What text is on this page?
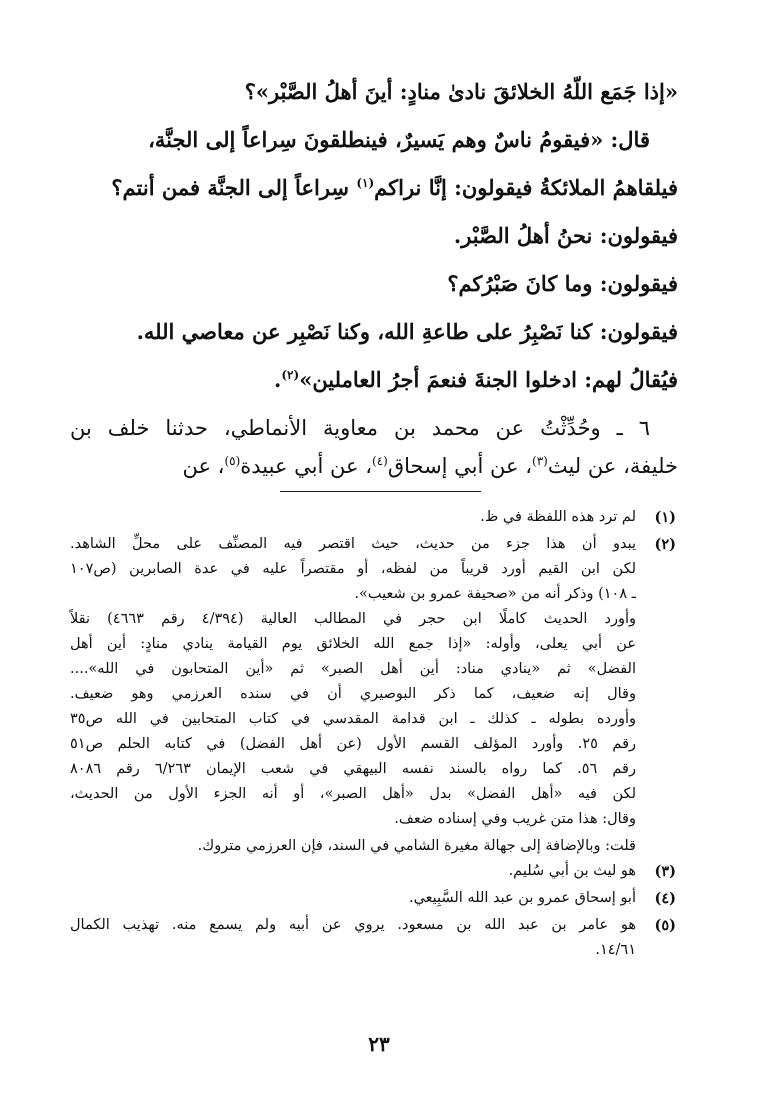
«إذا جَمَع اللّهُ الخلائقَ نادىٰ منادٍ: أينَ أهلُ الصَّبْر»؟
قال: «فيقومُ ناسٌ وهم يَسيرٌ، فينطلقونَ سِراعاً إلى الجنَّة،
فيلقاهمُ الملائكةُ فيقولون: إنَّا نراكم$^{(١)}$ سِراعاً إلى الجنَّة فمن أنتم؟
فيقولون: نحنُ أهلُ الصَّبْر.
فيقولون: وما كانَ صَبْرُكم؟
فيقولون: كنا نَصْبِرُ على طاعةِ الله، وكنا نَصْبِر عن معاصي الله.
فيُقالُ لهم: ادخلوا الجنةَ فنعمَ أجرُ العاملين»$^{(٢)}$.
٦ ـ وحُدِّثْتُ عن محمد بن معاوية الأنماطي، حدثنا خلف بن
خليفة، عن ليث$^{(٣)}$، عن أبي إسحاق$^{(٤)}$، عن أبي عبيدة$^{(٥)}$، عن
(١)
لم ترد هذه اللفظة في ظ.
(٢)
يبدو أن هذا جزء من حديث، حيث اقتصر فيه المصنِّف على محلِّ الشاهد.
لكن ابن القيم أورد قريباً من لفظه، أو مقتصراً عليه في عدة الصابرين (ص١٠٧
ـ ١٠٨) وذكر أنه من «صحيفة عمرو بن شعيب».
وأورد الحديث كاملًا ابن حجر في المطالب العالية (٤/٣٩٤ رقم ٤٦٦٣) نقلاً
عن أبي يعلى، وأوله: «إذا جمع الله الخلائق يوم القيامة ينادي منادٍ: أين أهل
الفضل» ثم «ينادي مناد: أين أهل الصبر» ثم «أين المتحابون في الله»....
وقال إنه ضعيف، كما ذكر البوصيري أن في سنده العرزمي وهو ضعيف.
وأورده بطوله ـ كذلك ـ ابن قدامة المقدسي في كتاب المتحابين في الله ص٣٥
رقم ٢٥. وأورد المؤلف القسم الأول (عن أهل الفضل) في كتابه الحلم ص٥١
رقم ٥٦. كما رواه بالسند نفسه البيهقي في شعب الإيمان ٦/٢٦٣ رقم ٨٠٨٦
لكن فيه «أهل الفضل» بدل «أهل الصبر»، أو أنه الجزء الأول من الحديث،
وقال: هذا متن غريب وفي إسناده ضعف.
قلت: وبالإضافة إلى جهالة مغيرة الشامي في السند، فإن العرزمي متروك.
(٣)
هو ليث بن أبي سُليم.
(٤)
أبو إسحاق عمرو بن عبد الله السَّبِيعي.
(٥)
هو عامر بن عبد الله بن مسعود. يروي عن أبيه ولم يسمع منه. تهذيب الكمال
١٤/٦١.
٢٣
